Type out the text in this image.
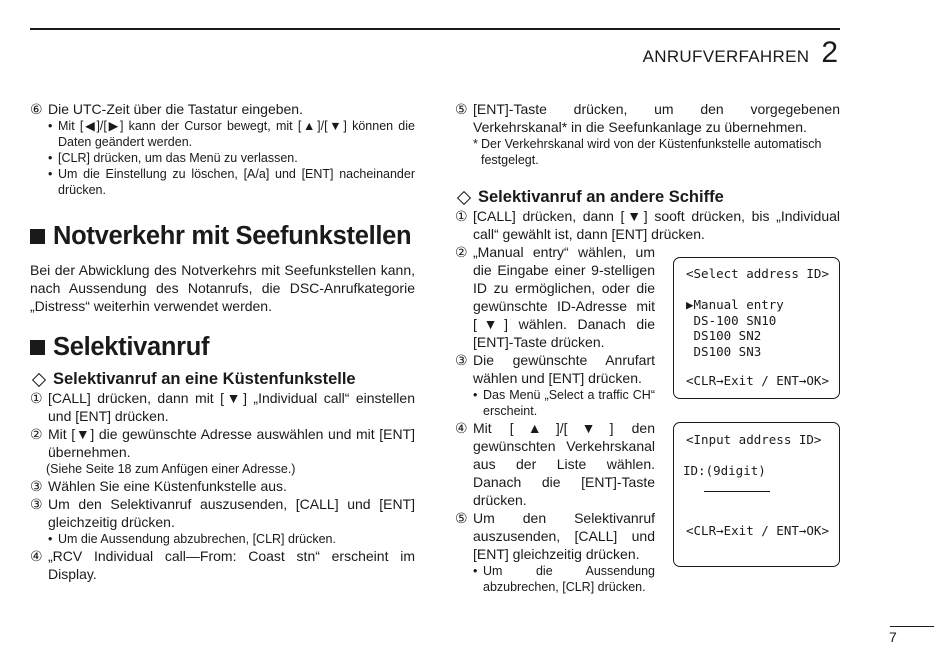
ANRUFVERFAHREN 2
⑥ Die UTC-Zeit über die Tastatur eingeben.
• Mit [◀]/[▶] kann der Cursor bewegt, mit [▲]/[▼] können die Daten geändert werden.
• [CLR] drücken, um das Menü zu verlassen.
• Um die Einstellung zu löschen, [A/a] und [ENT] nacheinander drücken.
Notverkehr mit Seefunkstellen
Bei der Abwicklung des Notverkehrs mit Seefunkstellen kann, nach Aussendung des Notanrufs, die DSC-Anrufkategorie „Distress“ weiterhin verwendet werden.
Selektivanruf
Selektivanruf an eine Küstenfunkstelle
① [CALL] drücken, dann mit [▼] „Individual call“ einstellen und [ENT] drücken.
② Mit [▼] die gewünschte Adresse auswählen und mit [ENT] übernehmen.
(Siehe Seite 18 zum Anfügen einer Adresse.)
③ Wählen Sie eine Küstenfunkstelle aus.
③ Um den Selektivanruf auszusenden, [CALL] und [ENT] gleichzeitig drücken.
• Um die Aussendung abzubrechen, [CLR] drücken.
④ „RCV Individual call—From: Coast stn“ erscheint im Display.
⑤ [ENT]-Taste drücken, um den vorgegebenen Verkehrskanal* in die Seefunkanlage zu übernehmen.
* Der Verkehrskanal wird von der Küstenfunkstelle automatisch festgelegt.
Selektivanruf an andere Schiffe
① [CALL] drücken, dann [▼] sooft drücken, bis „Individual call“ gewählt ist, dann [ENT] drücken.
② „Manual entry“ wählen, um die Eingabe einer 9-stelligen ID zu ermöglichen, oder die gewünschte ID-Adresse mit [▼] wählen. Danach die [ENT]-Taste drücken.
③ Die gewünschte Anrufart wählen und [ENT] drücken.
• Das Menü „Select a traffic CH“ erscheint.
④ Mit [▲]/[▼] den gewünschten Verkehrskanal aus der Liste wählen. Danach die [ENT]-Taste drücken.
⑤ Um den Selektivanruf auszusenden, [CALL] und [ENT] gleichzeitig drücken.
• Um die Aussendung abzubrechen, [CLR] drücken.
<Select address ID>
▶Manual entry
DS-100 SN10
DS100 SN2
DS100 SN3
<CLR→Exit / ENT→OK>
<Input address ID>
ID:(9digit)
<CLR→Exit / ENT→OK>
7
